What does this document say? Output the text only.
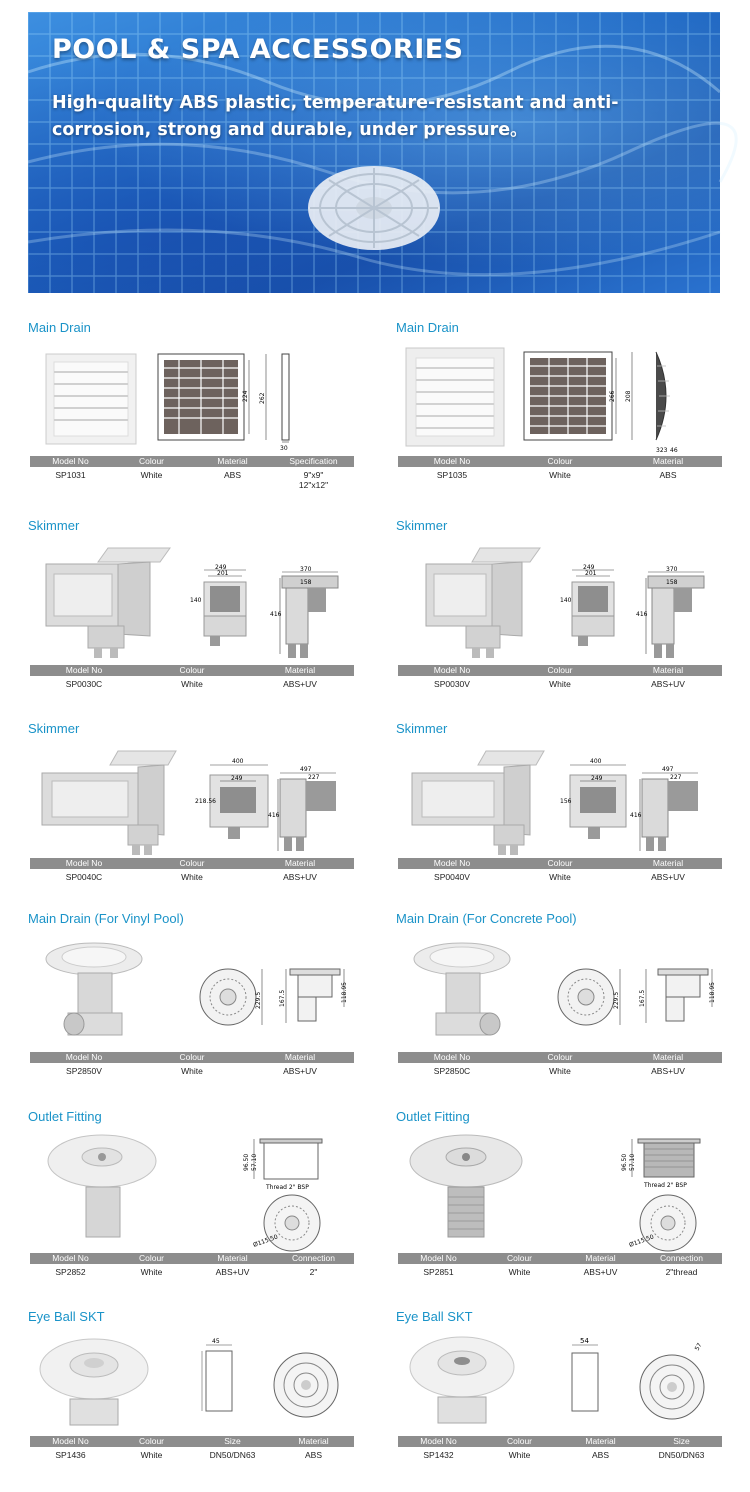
POOL & SPA ACCESSORIES
High-quality ABS plastic, temperature-resistant and anti-corrosion, strong and durable, under pressure。
Main Drain
224 262
30
Model No	Colour	Material	Specification
SP1031	White	ABS	9"x9"
12"x12"
Main Drain
266 208
323 46
Model No	Colour	Material
SP1035	White	ABS
Skimmer
249
201
140
370
158
416
Model No	Colour	Material
SP0030C	White	ABS+UV
Skimmer
249
201
140
370
158
416
Model No	Colour	Material
SP0030V	White	ABS+UV
Skimmer
400
249
218.56
497
227
416
Model No	Colour	Material
SP0040C	White	ABS+UV
Skimmer
400
249
156
497
227
416
Model No	Colour	Material
SP0040V	White	ABS+UV
Main Drain (For Vinyl Pool)
229.5	167.5	118.95
Model No	Colour	Material
SP2850V	White	ABS+UV
Main Drain (For Concrete Pool)
229.5	167.5	118.95
Model No	Colour	Material
SP2850C	White	ABS+UV
Outlet Fitting
Thread 2" BSP
96.50 57.10
Ø115.50
Model No	Colour	Material	Connection
SP2852	White	ABS+UV	2"
Outlet Fitting
Thread 2" BSP
96.50 57.10
Ø115.50
Model No	Colour	Material	Connection
SP2851	White	ABS+UV	2"thread
Eye Ball SKT
45
Model No	Colour	Size	Material
SP1436	White	DN50/DN63	ABS
Eye Ball SKT
54
57
Model No	Colour	Material	Size
SP1432	White	ABS	DN50/DN63
